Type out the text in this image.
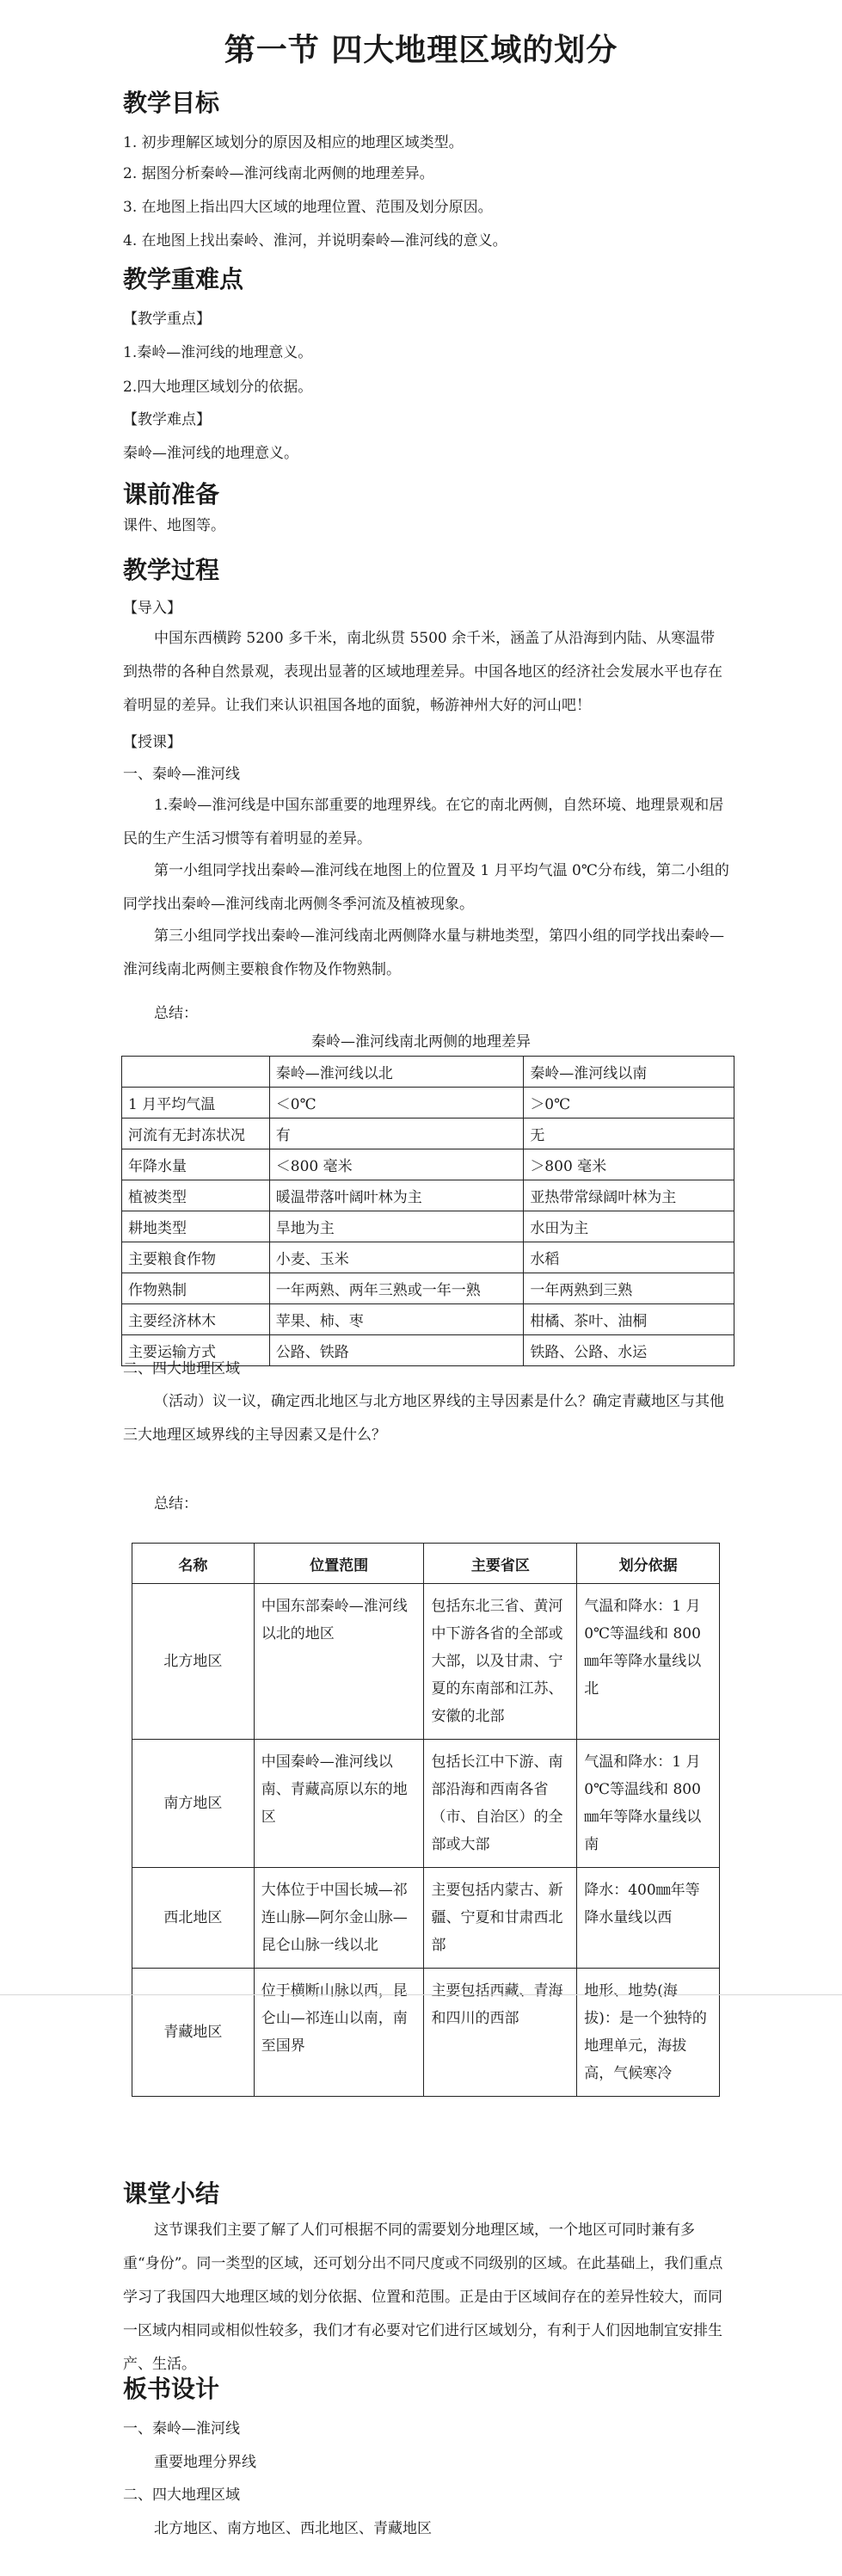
第一节 四大地理区域的划分
教学目标
1. 初步理解区域划分的原因及相应的地理区域类型。
2. 据图分析秦岭—淮河线南北两侧的地理差异。
3. 在地图上指出四大区域的地理位置、范围及划分原因。
4. 在地图上找出秦岭、淮河，并说明秦岭—淮河线的意义。
教学重难点
【教学重点】
1.秦岭—淮河线的地理意义。
2.四大地理区域划分的依据。
【教学难点】
秦岭—淮河线的地理意义。
课前准备
课件、地图等。
教学过程
【导入】
中国东西横跨 5200 多千米，南北纵贯 5500 余千米，涵盖了从沿海到内陆、从寒温带到热带的各种自然景观，表现出显著的区域地理差异。中国各地区的经济社会发展水平也存在着明显的差异。让我们来认识祖国各地的面貌，畅游神州大好的河山吧！
【授课】
一、秦岭—淮河线
1.秦岭—淮河线是中国东部重要的地理界线。在它的南北两侧，自然环境、地理景观和居民的生产生活习惯等有着明显的差异。
第一小组同学找出秦岭—淮河线在地图上的位置及 1 月平均气温 0℃分布线，第二小组的同学找出秦岭—淮河线南北两侧冬季河流及植被现象。
第三小组同学找出秦岭—淮河线南北两侧降水量与耕地类型，第四小组的同学找出秦岭—淮河线南北两侧主要粮食作物及作物熟制。
总结：
秦岭—淮河线南北两侧的地理差异
	秦岭—淮河线以北	秦岭—淮河线以南
1 月平均气温	＜0℃	＞0℃
河流有无封冻状况	有	无
年降水量	＜800 毫米	＞800 毫米
植被类型	暖温带落叶阔叶林为主	亚热带常绿阔叶林为主
耕地类型	旱地为主	水田为主
主要粮食作物	小麦、玉米	水稻
作物熟制	一年两熟、两年三熟或一年一熟	一年两熟到三熟
主要经济林木	苹果、柿、枣	柑橘、茶叶、油桐
主要运输方式	公路、铁路	铁路、公路、水运
二、四大地理区域
（活动）议一议，确定西北地区与北方地区界线的主导因素是什么？确定青藏地区与其他三大地理区域界线的主导因素又是什么？
总结：
名称	位置范围	主要省区	划分依据
北方地区	中国东部秦岭—淮河线以北的地区	包括东北三省、黄河中下游各省的全部或大部，以及甘肃、宁夏的东南部和江苏、安徽的北部	气温和降水：1 月 0℃等温线和 800㎜年等降水量线以北
南方地区	中国秦岭—淮河线以南、青藏高原以东的地区	包括长江中下游、南部沿海和西南各省（市、自治区）的全部或大部	气温和降水：1 月 0℃等温线和 800㎜年等降水量线以南
西北地区	大体位于中国长城—祁连山脉—阿尔金山脉—昆仑山脉一线以北	主要包括内蒙古、新疆、宁夏和甘肃西北部	降水：400㎜年等降水量线以西
青藏地区	位于横断山脉以西，昆仑山—祁连山以南，南至国界	主要包括西藏、青海和四川的西部	地形、地势(海拔)：是一个独特的地理单元，海拔高，气候寒冷
课堂小结
这节课我们主要了解了人们可根据不同的需要划分地理区域，一个地区可同时兼有多重“身份”。同一类型的区域，还可划分出不同尺度或不同级别的区域。在此基础上，我们重点学习了我国四大地理区域的划分依据、位置和范围。正是由于区域间存在的差异性较大，而同一区域内相同或相似性较多，我们才有必要对它们进行区域划分，有利于人们因地制宜安排生产、生活。
板书设计
一、秦岭—淮河线
重要地理分界线
二、四大地理区域
北方地区、南方地区、西北地区、青藏地区
